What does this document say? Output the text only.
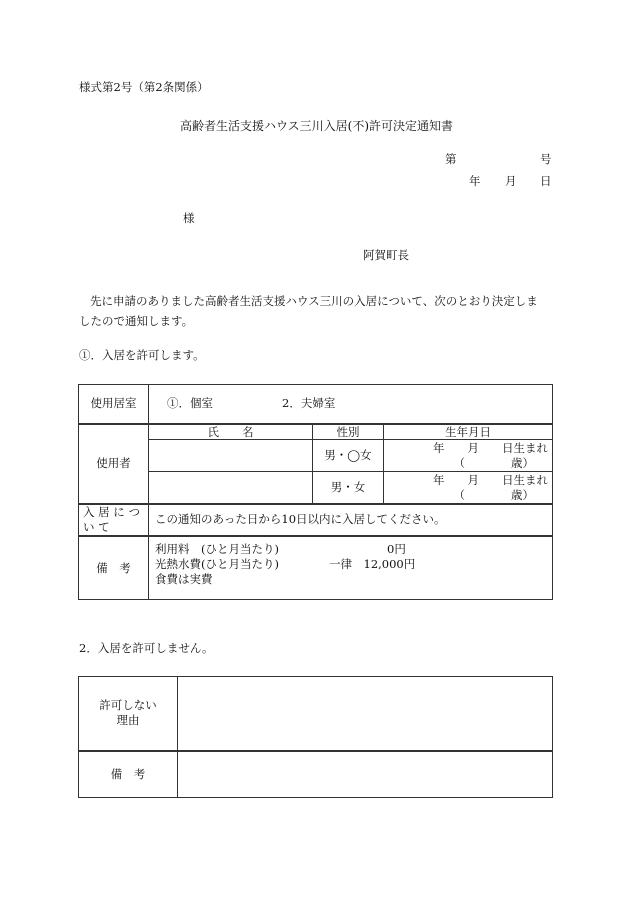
様式第2号（第2条関係）
高齢者生活支援ハウス三川入居(不)許可決定通知書
第	号
年 月 日
様
阿賀町長
先に申請のありました高齢者生活支援ハウス三川の入居について、次のとおり決定しま
したので通知します。
①．入居を許可します。
使用居室	①．個室 2．夫婦室		
使用者	氏　　名	性別	生年月日
		男・◯女	年　　月　　日生まれ
（　　　　歳）

		男・女	年　　月　　日生まれ
（　　　　歳）

入 居 に つ
い て	この通知のあった日から10日以内に入居してください。		
備　考	利用料　(ひと月当たり) 0円
光熱水費(ひと月当たり) 一律　12,000円
食費は実費		
2．入居を許可しません。
許可しない
理由	

備　考	
